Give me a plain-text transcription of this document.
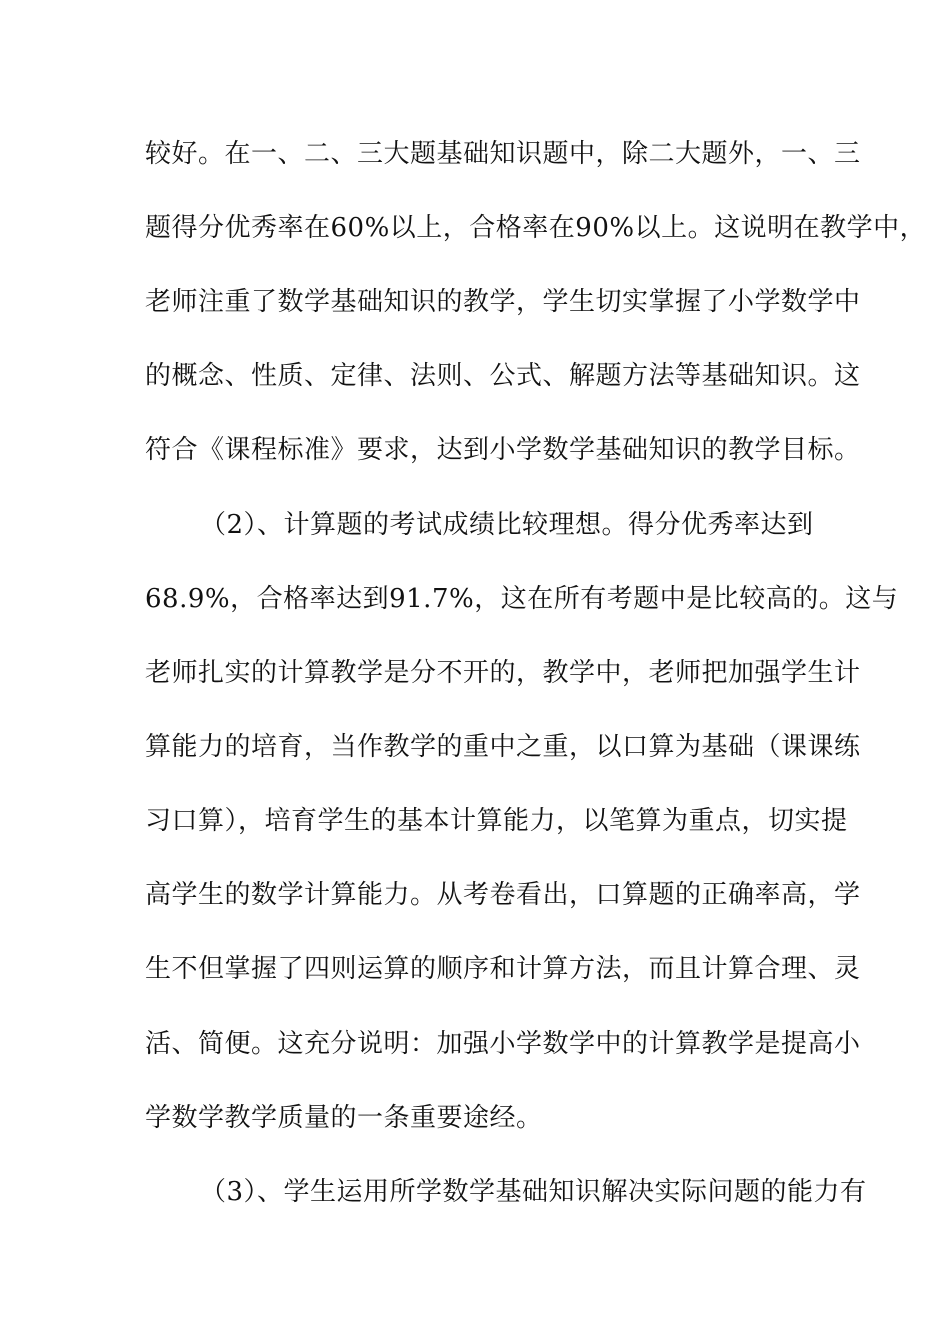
较好。在一、二、三大题基础知识题中，除二大题外，一、三
题得分优秀率在60%以上，合格率在90%以上。这说明在教学中，
老师注重了数学基础知识的教学，学生切实掌握了小学数学中
的概念、性质、定律、法则、公式、解题方法等基础知识。这
符合《课程标准》要求，达到小学数学基础知识的教学目标。
（2）、计算题的考试成绩比较理想。得分优秀率达到
68.9%，合格率达到91.7%，这在所有考题中是比较高的。这与
老师扎实的计算教学是分不开的，教学中，老师把加强学生计
算能力的培育，当作教学的重中之重，以口算为基础（课课练
习口算），培育学生的基本计算能力，以笔算为重点，切实提
高学生的数学计算能力。从考卷看出，口算题的正确率高，学
生不但掌握了四则运算的顺序和计算方法，而且计算合理、灵
活、简便。这充分说明：加强小学数学中的计算教学是提高小
学数学教学质量的一条重要途经。
（3）、学生运用所学数学基础知识解决实际问题的能力有
